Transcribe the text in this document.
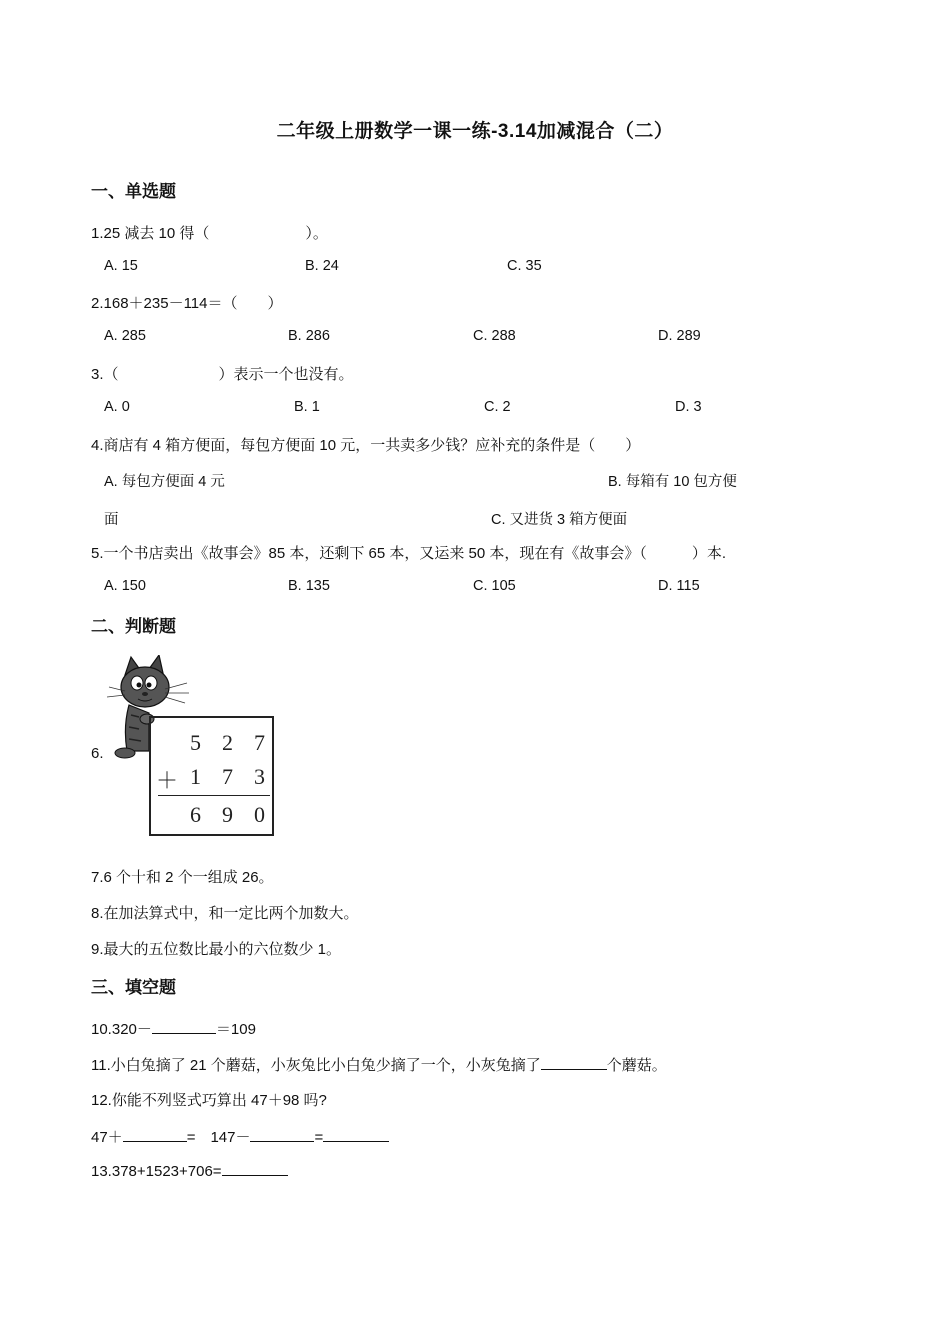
二年级上册数学一课一练-3.14加减混合（二）
一、单选题
1.25 减去 10 得（	）。
A. 15	B. 24	C. 35
2.168＋235－114＝（　　）
A. 285	B. 286	C. 288	D. 289
3.（	）表示一个也没有。
A. 0	B. 1	C. 2	D. 3
4.商店有 4 箱方便面，每包方便面 10 元，一共卖多少钱？应补充的条件是（　　）
A. 每包方便面 4 元	B. 每箱有 10 包方便
面	C. 又进货 3 箱方便面
5.一个书店卖出《故事会》85 本，还剩下 65 本，又运来 50 本，现在有《故事会》（　　　）本.
A. 150	B. 135	C. 105	D. 115
二、判断题
6.	5 2 7
＋ 1 7 3
6 9 0
7.6 个十和 2 个一组成 26。
8.在加法算式中，和一定比两个加数大。
9.最大的五位数比最小的六位数少 1。
三、填空题
10.320－	＝109
11.小白兔摘了 21 个蘑菇，小灰兔比小白兔少摘了一个，小灰兔摘了	个蘑菇。
12.你能不列竖式巧算出 47＋98 吗?
47＋	=　147－	=
13.378+1523+706=
